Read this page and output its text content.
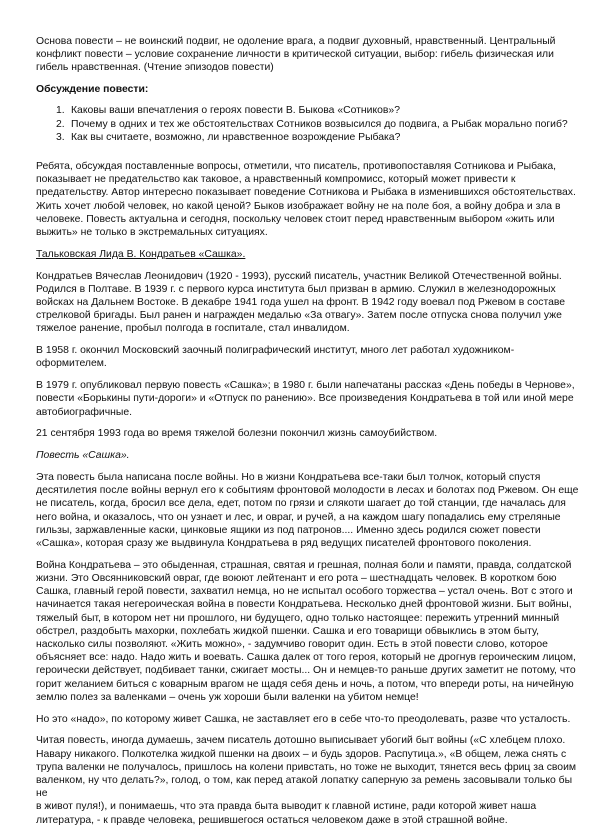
Основа повести – не воинский подвиг, не одоление врага, а подвиг духовный, нравственный. Центральный
конфликт повести – условие сохранение личности в критической ситуации, выбор: гибель физическая или
гибель нравственная. (Чтение эпизодов повести)

Обсуждение повести:
1. Каковы ваши впечатления о героях повести В. Быкова «Сотников»?
2. Почему в одних и тех же обстоятельствах Сотников возвысился до подвига, а Рыбак морально погиб?
3. Как вы считаете, возможно, ли нравственное возрождение Рыбака?

Ребята, обсуждая поставленные вопросы, отметили, что писатель, противопоставляя Сотникова и Рыбака,
показывает не предательство как таковое, а нравственный компромисс, который может привести к
предательству. Автор интересно показывает поведение Сотникова и Рыбака в изменившихся обстоятельствах.
Жить хочет любой человек, но какой ценой? Быков изображает войну не на поле боя, а войну добра и зла в
человеке. Повесть актуальна и сегодня, поскольку человек стоит перед нравственным выбором «жить или
выжить» не только в экстремальных ситуациях.

Тальковская Лида В. Кондратьев «Сашка».

Кондратьев Вячеслав Леонидович (1920 - 1993), русский писатель, участник Великой Отечественной войны.
Родился в Полтаве. В 1939 г. с первого курса института был призван в армию. Служил в железнодорожных
войсках на Дальнем Востоке. В декабре 1941 года ушел на фронт. В 1942 году воевал под Ржевом в составе
стрелковой бригады. Был ранен и награжден медалью «За отвагу». Затем после отпуска снова получил уже
тяжелое ранение, пробыл полгода в госпитале, стал инвалидом.

В 1958 г. окончил Московский заочный полиграфический институт, много лет работал художником-
оформителем.

В 1979 г. опубликовал первую повесть «Сашка»; в 1980 г. были напечатаны рассказ «День победы в Чернове»,
повести «Борькины пути-дороги» и «Отпуск по ранению». Все произведения Кондратьева в той или иной мере
автобиографичные.

21 сентября 1993 года во время тяжелой болезни покончил жизнь самоубийством.

Повесть «Сашка».

Эта повесть была написана после войны. Но в жизни Кондратьева все-таки был толчок, который спустя
десятилетия после войны вернул его к событиям фронтовой молодости в лесах и болотах под Ржевом. Он еще
не писатель, когда, бросил все дела, едет, потом по грязи и слякоти шагает до той станции, где началась для
него война, и оказалось, что он узнает и лес, и овраг, и ручей, а на каждом шагу попадались ему стреляные
гильзы, заржавленные каски, цинковые ящики из под патронов.... Именно здесь родился сюжет повести
«Сашка», которая сразу же выдвинула Кондратьева в ряд ведущих писателей фронтового поколения.

Война Кондратьева – это обыденная, страшная, святая и грешная, полная боли и памяти, правда, солдатской
жизни. Это Овсянниковский овраг, где воюют лейтенант и его рота – шестнадцать человек. В коротком бою
Сашка, главный герой повести, захватил немца, но не испытал особого торжества – устал очень. Вот с этого и
начинается такая негероическая война в повести Кондратьева. Несколько дней фронтовой жизни. Быт войны,
тяжелый быт, в котором нет ни прошлого, ни будущего, одно только настоящее: пережить утренний минный
обстрел, раздобыть махорки, похлебать жидкой пшенки. Сашка и его товарищи обвыклись в этом быту,
насколько силы позволяют. «Жить можно», - задумчиво говорит один. Есть в этой повести слово, которое
объясняет все: надо. Надо жить и воевать. Сашка далек от того героя, который не дрогнув героическим лицом,
героически действует, подбивает танки, сжигает мосты... Он и немцев-то раньше других заметит не потому, что
горит желанием биться с коварным врагом не щадя себя день и ночь, а потом, что впереди роты, на ничейную
землю полез за валенками – очень уж хороши были валенки на убитом немце!

Но это «надо», по которому живет Сашка, не заставляет его в себе что-то преодолевать, разве что усталость.

Читая повесть, иногда думаешь, зачем писатель дотошно выписывает убогий быт войны («С хлебцем плохо.
Навару никакого. Полкотелка жидкой пшенки на двоих – и будь здоров. Распутица.», «В общем, лежа снять с
трупа валенки не получалось, пришлось на колени привстать, но тоже не выходит, тянется весь фриц за своим
валенком, ну что делать?», голод, о том, как перед атакой лопатку саперную за ремень засовывали только бы не
в живот пуля!), и понимаешь, что эта правда быта выводит к главной истине, ради которой живет наша
литература, - к правде человека, решившегося остаться человеком даже в этой страшной войне.
